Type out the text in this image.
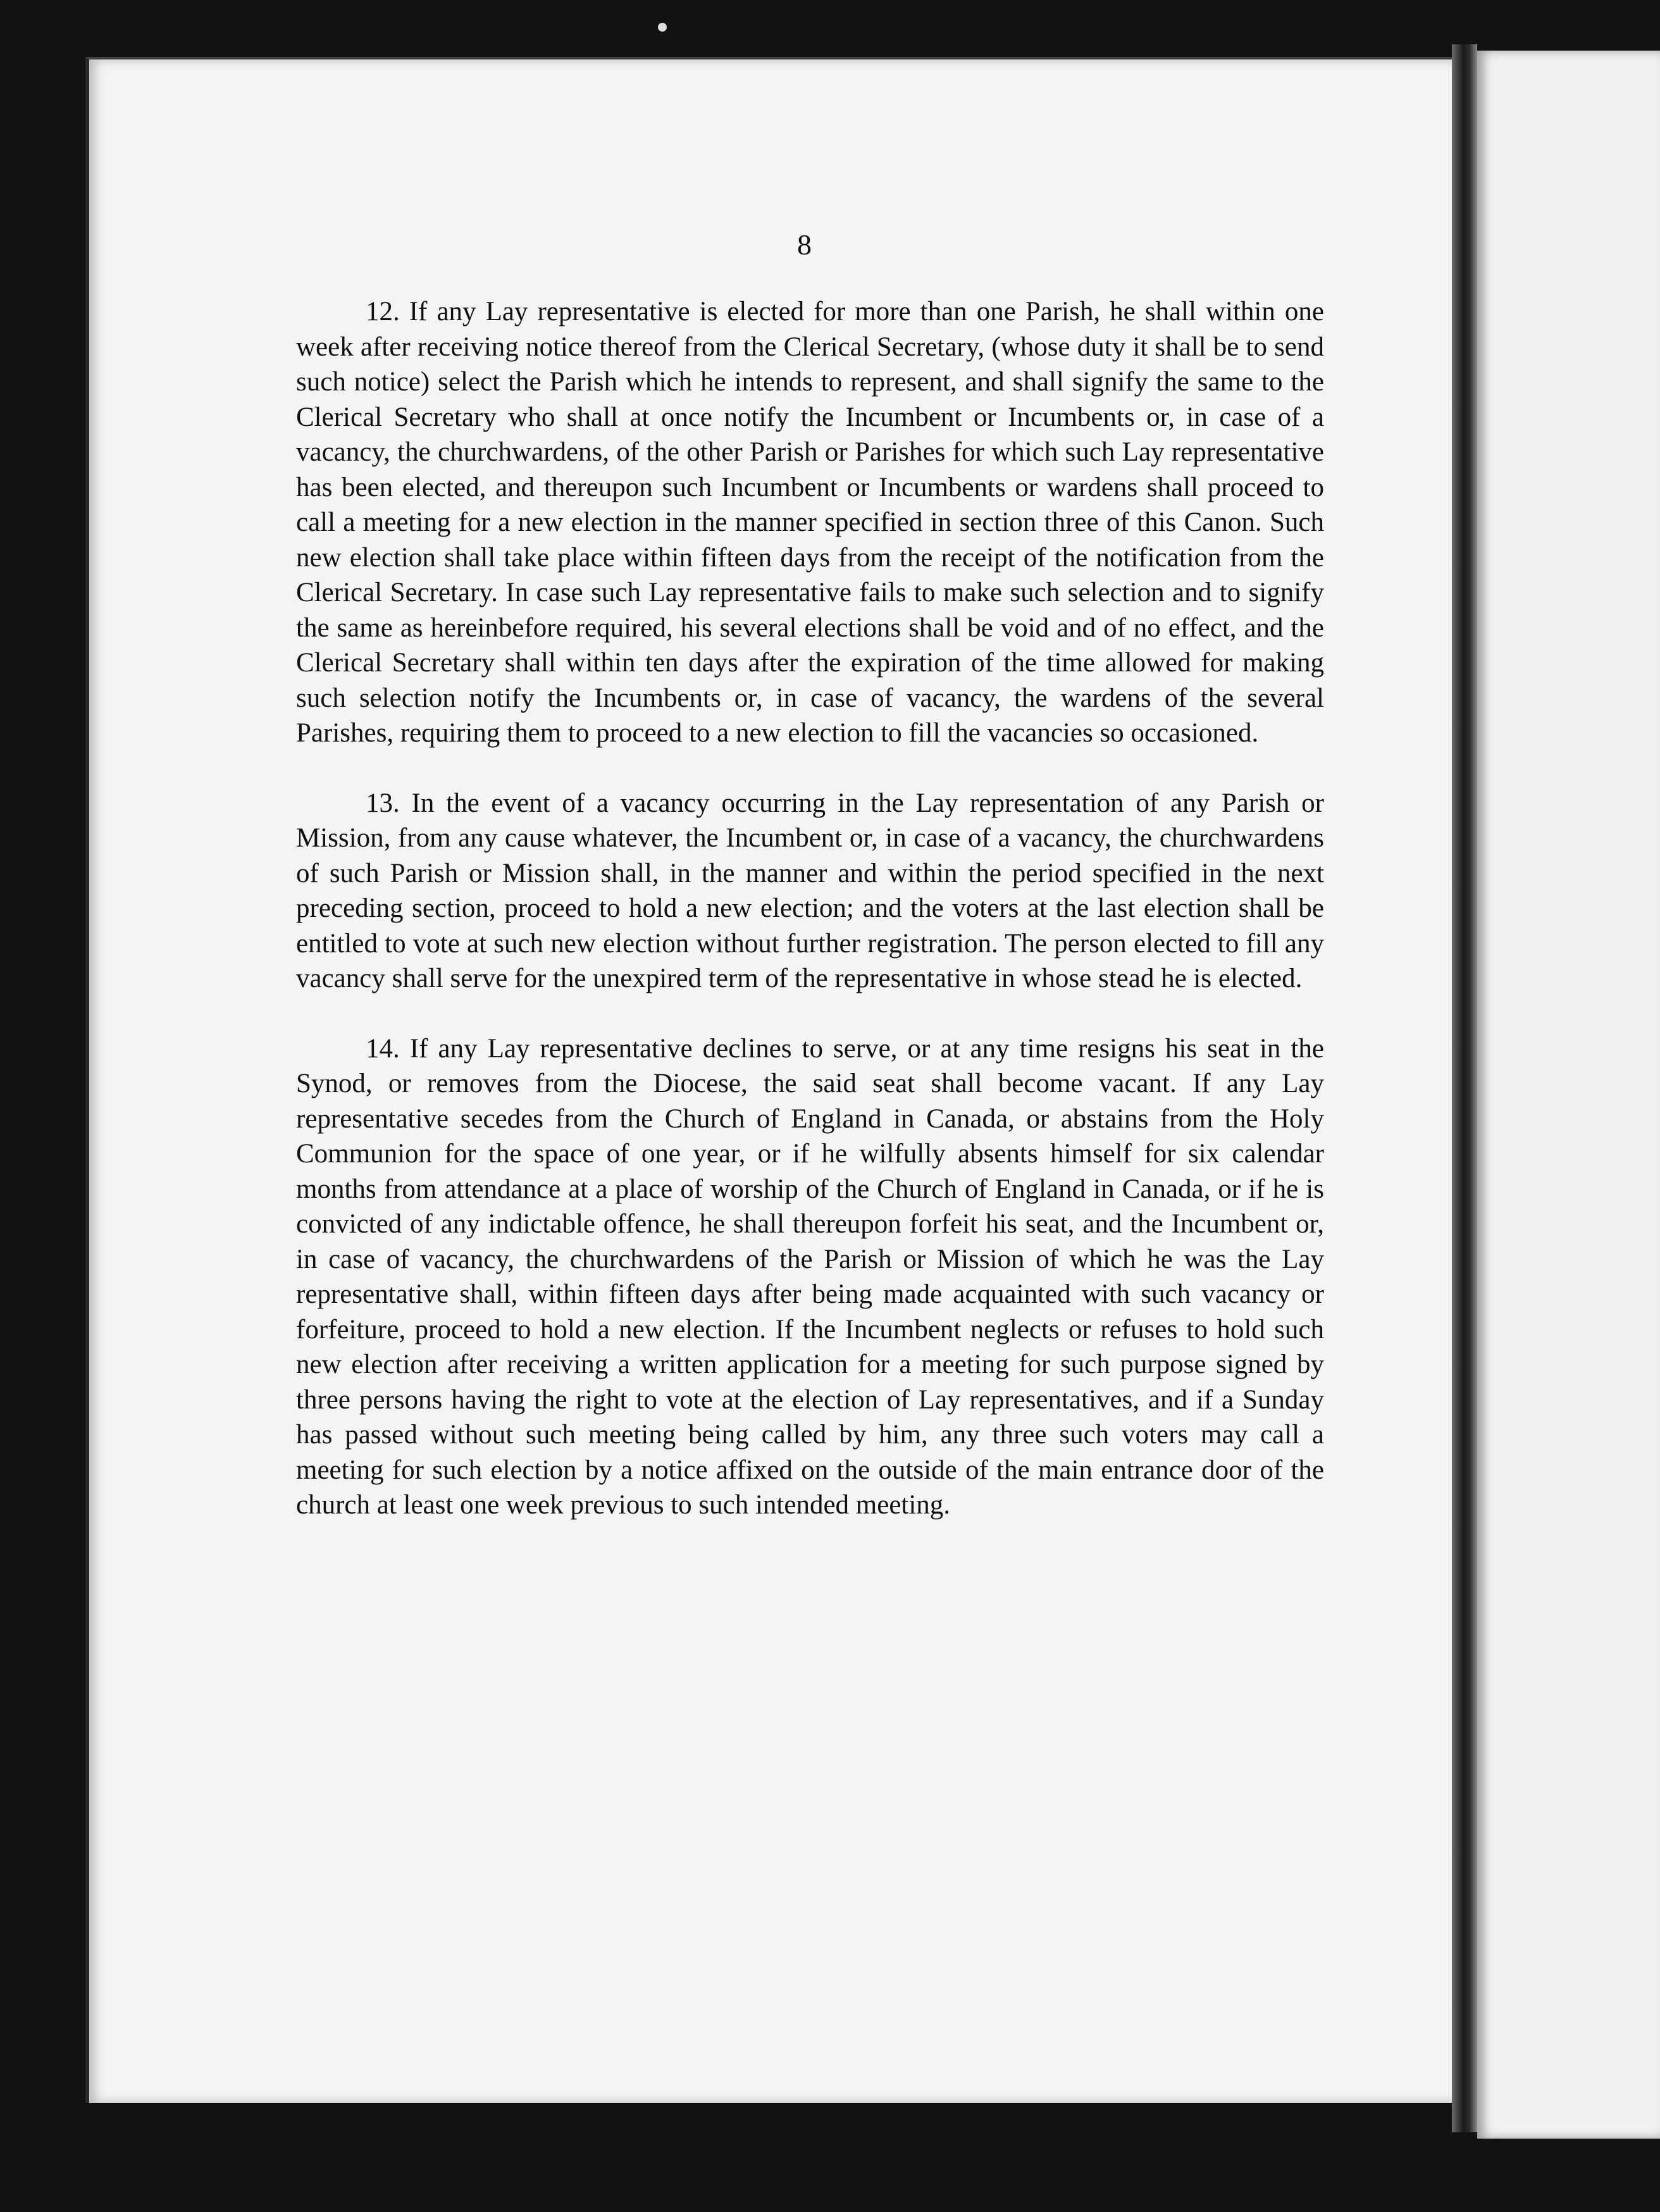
8

12. If any Lay representative is elected for more than one Parish, he shall within one week after receiving notice thereof from the Clerical Secretary, (whose duty it shall be to send such notice) select the Parish which he intends to represent, and shall signify the same to the Clerical Secretary who shall at once notify the Incumbent or Incumbents or, in case of a vacancy, the churchwardens, of the other Parish or Parishes for which such Lay representative has been elected, and thereupon such Incumbent or Incumbents or wardens shall proceed to call a meeting for a new election in the manner specified in section three of this Canon. Such new election shall take place within fifteen days from the receipt of the notification from the Clerical Secretary. In case such Lay representative fails to make such selection and to signify the same as hereinbefore required, his several elections shall be void and of no effect, and the Clerical Secretary shall within ten days after the expiration of the time allowed for making such selection notify the Incumbents or, in case of vacancy, the wardens of the several Parishes, requiring them to proceed to a new election to fill the vacancies so occasioned.

13. In the event of a vacancy occurring in the Lay representation of any Parish or Mission, from any cause whatever, the Incumbent or, in case of a vacancy, the churchwardens of such Parish or Mission shall, in the manner and within the period specified in the next preceding section, proceed to hold a new election; and the voters at the last election shall be entitled to vote at such new election without further registration. The person elected to fill any vacancy shall serve for the unexpired term of the representative in whose stead he is elected.

14. If any Lay representative declines to serve, or at any time resigns his seat in the Synod, or removes from the Diocese, the said seat shall become vacant. If any Lay representative secedes from the Church of England in Canada, or abstains from the Holy Communion for the space of one year, or if he wilfully absents himself for six calendar months from attendance at a place of worship of the Church of England in Canada, or if he is convicted of any indictable offence, he shall thereupon forfeit his seat, and the Incumbent or, in case of vacancy, the churchwardens of the Parish or Mission of which he was the Lay representative shall, within fifteen days after being made acquainted with such vacancy or forfeiture, proceed to hold a new election. If the Incumbent neglects or refuses to hold such new election after receiving a written application for a meeting for such purpose signed by three persons having the right to vote at the election of Lay representatives, and if a Sunday has passed without such meeting being called by him, any three such voters may call a meeting for such election by a notice affixed on the outside of the main entrance door of the church at least one week previous to such intended meeting.
